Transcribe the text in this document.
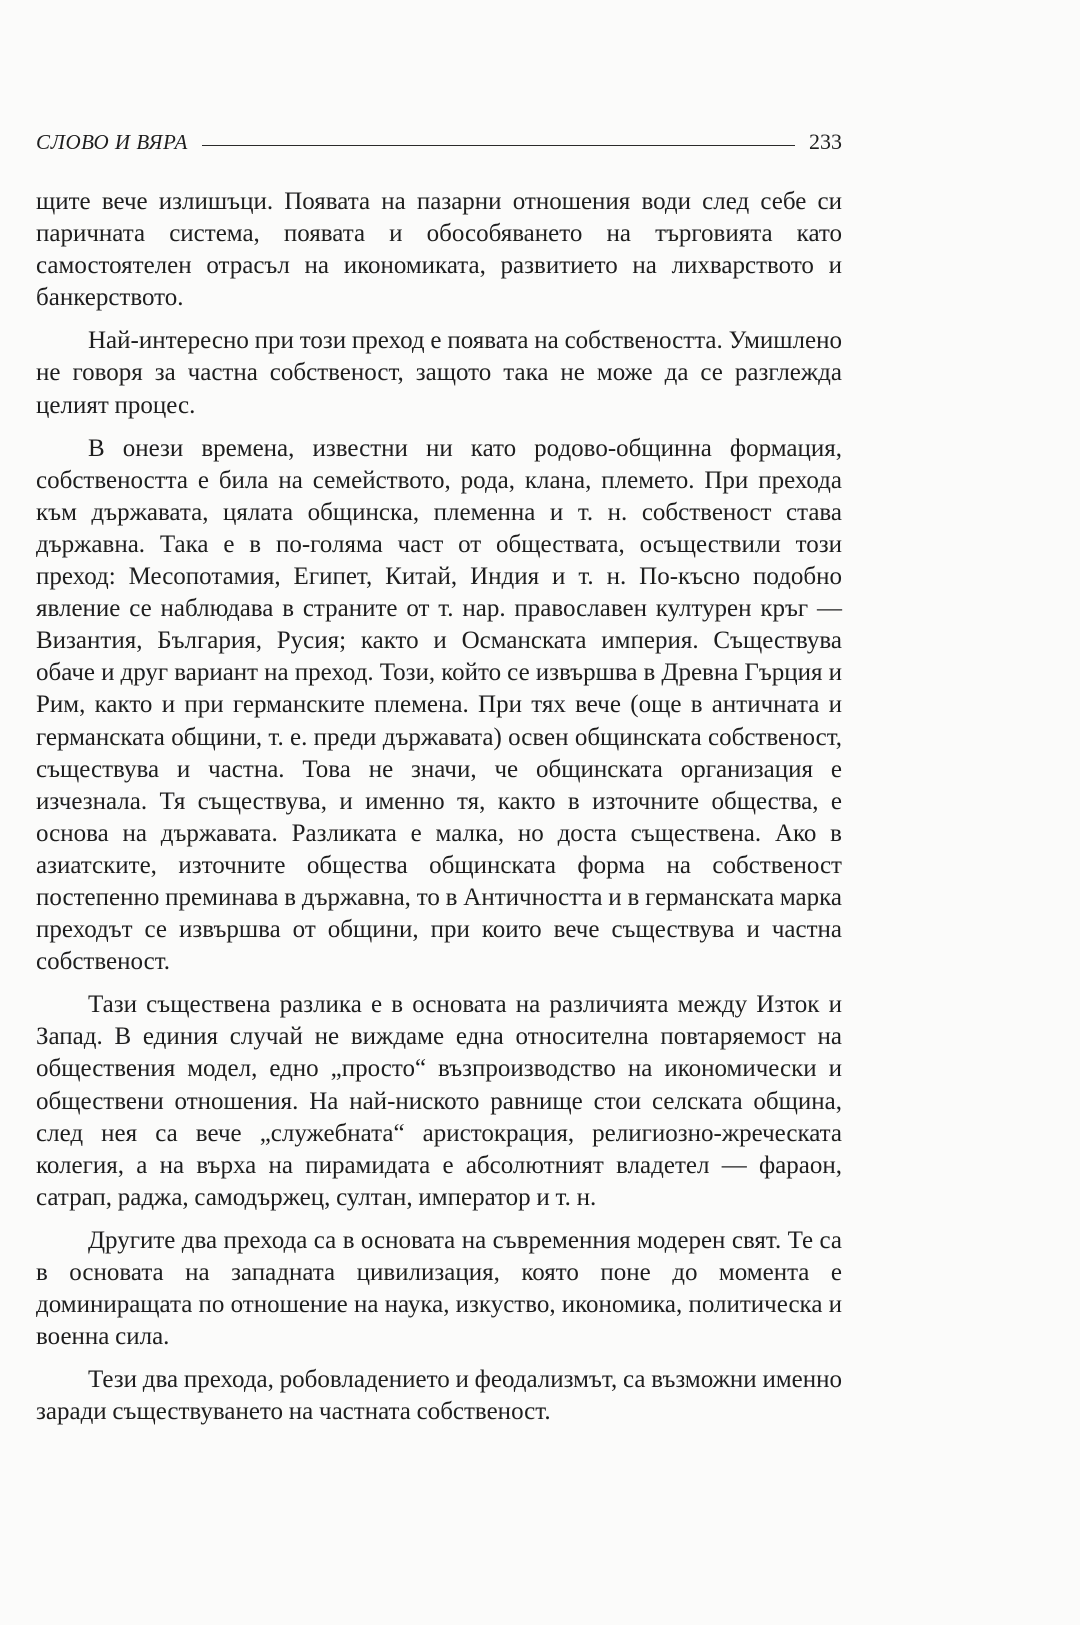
СЛОВО И ВЯРА	233

щите вече излишъци. Появата на пазарни отношения води след себе си паричната система, появата и обособяването на търговията като самостоятелен отрасъл на икономиката, развитието на лихварството и банкерството.

Най-интересно при този преход е появата на собствеността. Умишлено не говоря за частна собственост, защото така не може да се разглежда целият процес.

В онези времена, известни ни като родово-общинна формация, собствеността е била на семейството, рода, клана, племето. При прехода към държавата, цялата общинска, племенна и т. н. собственост става държавна. Така е в по-голяма част от обществата, осъществили този преход: Месопотамия, Египет, Китай, Индия и т. н. По-късно подобно явление се наблюдава в страните от т. нар. православен културен кръг — Византия, България, Русия; както и Османската империя. Съществува обаче и друг вариант на преход. Този, който се извършва в Древна Гърция и Рим, както и при германските племена. При тях вече (още в античната и германската общини, т. е. преди държавата) освен общинската собственост, съществува и частна. Това не значи, че общинската организация е изчезнала. Тя съществува, и именно тя, както в източните общества, е основа на държавата. Разликата е малка, но доста съществена. Ако в азиатските, източните общества общинската форма на собственост постепенно преминава в държавна, то в Античността и в германската марка преходът се извършва от общини, при които вече съществува и частна собственост.

Тази съществена разлика е в основата на различията между Изток и Запад. В единия случай не виждаме една относителна повтаряемост на обществения модел, едно „просто“ възпроизводство на икономически и обществени отношения. На най-ниското равнище стои селската община, след нея са вече „служебната“ аристокрация, религиозно-жреческата колегия, а на върха на пирамидата е абсолютният владетел — фараон, сатрап, раджа, самодържец, султан, император и т. н.

Другите два прехода са в основата на съвременния модерен свят. Те са в основата на западната цивилизация, която поне до момента е доминиращата по отношение на наука, изкуство, икономика, политическа и военна сила.

Тези два прехода, робовладението и феодализмът, са възможни именно заради съществуването на частната собственост.
